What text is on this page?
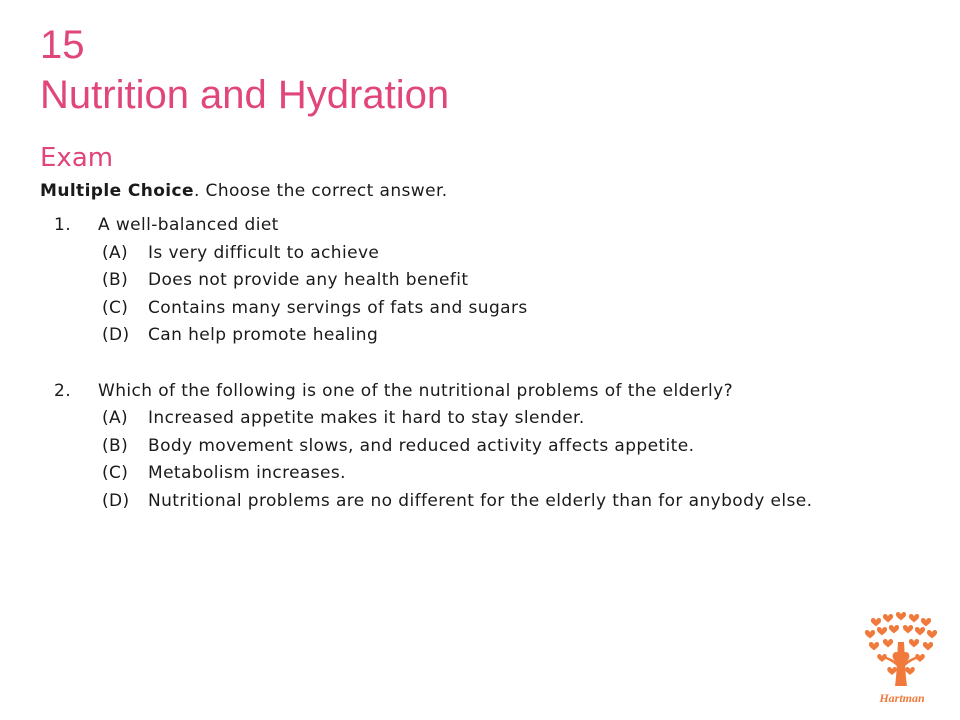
15
Nutrition and Hydration
Exam
Multiple Choice. Choose the correct answer.
1.	A well-balanced diet
(A)	Is very difficult to achieve
(B)	Does not provide any health benefit
(C)	Contains many servings of fats and sugars
(D)	Can help promote healing
2.	Which of the following is one of the nutritional problems of the elderly?
(A)	Increased appetite makes it hard to stay slender.
(B)	Body movement slows, and reduced activity affects appetite.
(C)	Metabolism increases.
(D)	Nutritional problems are no different for the elderly than for anybody else.
Hartman
